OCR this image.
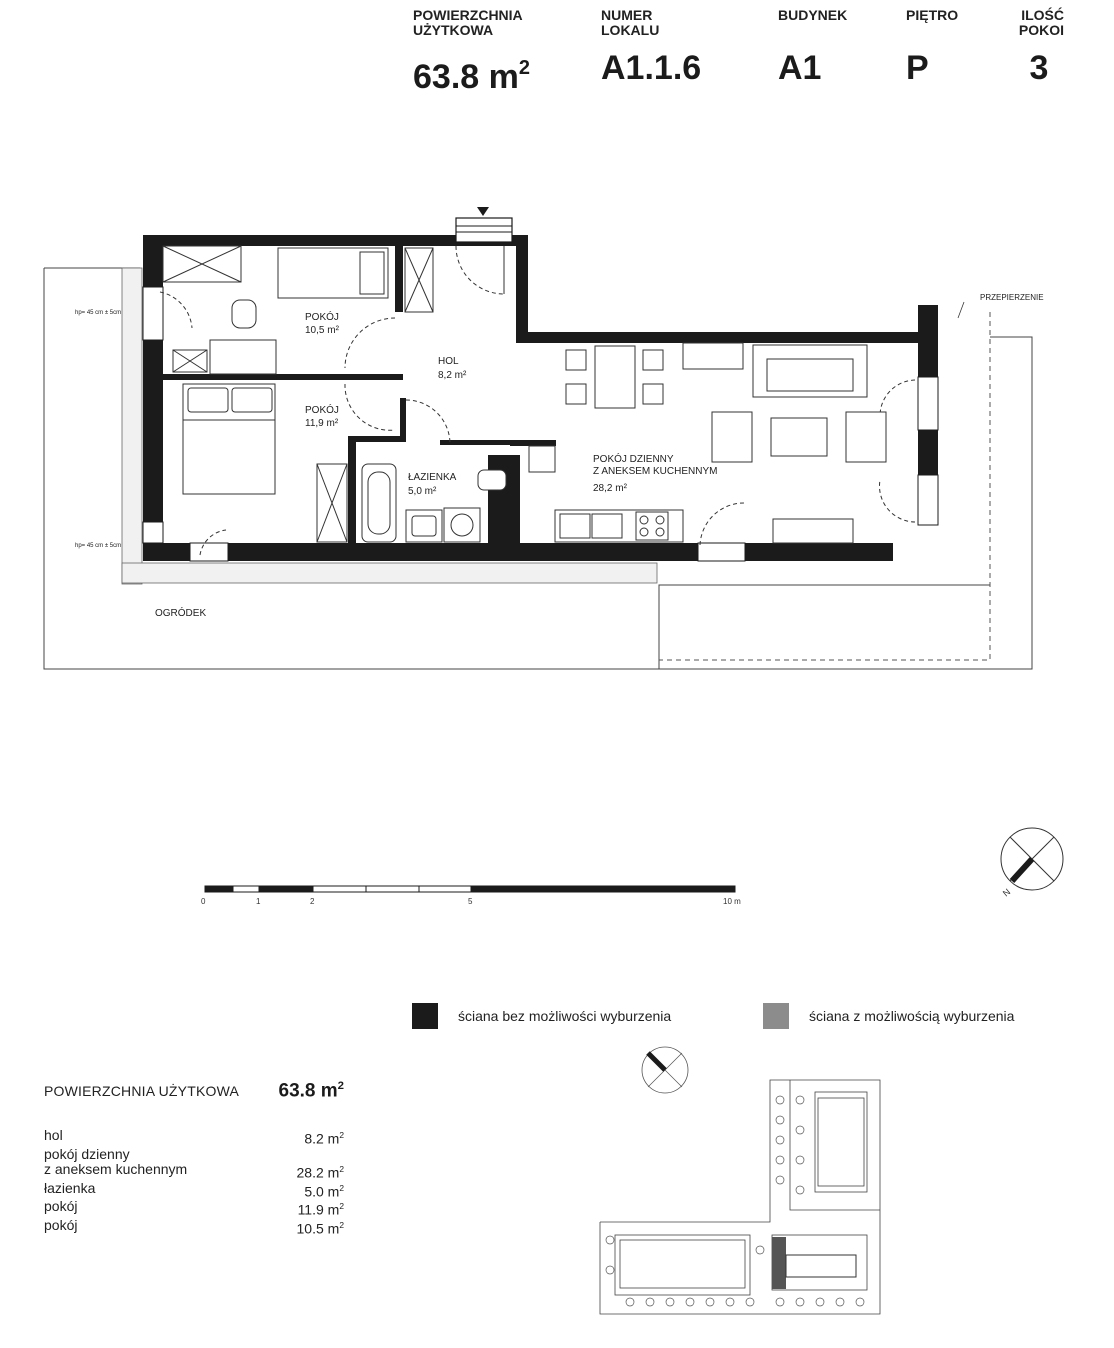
POWIERZCHNIA
UŻYTKOWA
63.8 $m^2$
NUMER
LOKALU
A1.1.6
BUDYNEK
A1
PIĘTRO
P
ILOŚĆ
POKOI
3
POKÓJ
10,5 m²
HOL
8,2 m²
POKÓJ
11,9 m²
ŁAZIENKA
5,0 m²
POKÓJ DZIENNY Z ANEKSEM KUCHENNYM
28,2 m²
OGRÓDEK
PRZEPIERZENIE
hp= 45 cm ± 5cm
hp= 45 cm ± 5cm
0	1	2	5	10 m
N
ściana bez możliwości wyburzenia	ściana z możliwością wyburzenia
POWIERZCHNIA UŻYTKOWA 63.8 $m^2$
hol	8.2 $m^2$
pokój dzienny
z aneksem kuchennym	28.2 $m^2$
łazienka	5.0 $m^2$
pokój	11.9 $m^2$
pokój	10.5 $m^2$
